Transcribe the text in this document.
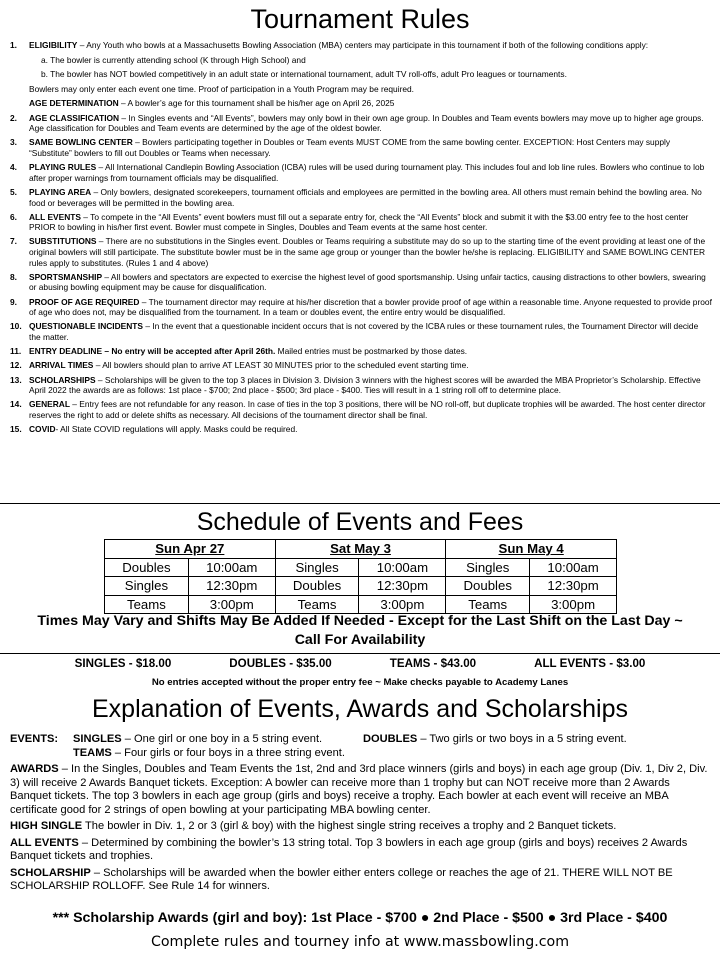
Tournament Rules
1.	ELIGIBILITY – Any Youth who bowls at a Massachusetts Bowling Association (MBA) centers may participate in this tournament if both of the following conditions apply:
a. The bowler is currently attending school (K through High School) and
b. The bowler has NOT bowled competitively in an adult state or international tournament, adult TV roll-offs, adult Pro leagues or tournaments.
Bowlers may only enter each event one time. Proof of participation in a Youth Program may be required.
AGE DETERMINATION – A bowler’s age for this tournament shall be his/her age on April 26, 2025
2.	AGE CLASSIFICATION – In Singles events and “All Events”, bowlers may only bowl in their own age group. In Doubles and Team events bowlers may move up to higher age groups. Age classification for Doubles and Team events are determined by the age of the oldest bowler.
3.	SAME BOWLING CENTER – Bowlers participating together in Doubles or Team events MUST COME from the same bowling center. EXCEPTION: Host Centers may supply “Substitute” bowlers to fill out Doubles or Teams when necessary.
4.	PLAYING RULES – All International Candlepin Bowling Association (ICBA) rules will be used during tournament play. This includes foul and lob line rules. Bowlers who continue to lob after proper warnings from tournament officials may be disqualified.
5.	PLAYING AREA – Only bowlers, designated scorekeepers, tournament officials and employees are permitted in the bowling area. All others must remain behind the bowling area. No food or beverages will be permitted in the bowling area.
6.	ALL EVENTS – To compete in the “All Events” event bowlers must fill out a separate entry for, check the “All Events” block and submit it with the $3.00 entry fee to the host center PRIOR to bowling in his/her first event. Bowler must compete in Singles, Doubles and Team events at the same host center.
7.	SUBSTITUTIONS – There are no substitutions in the Singles event. Doubles or Teams requiring a substitute may do so up to the starting time of the event providing at least one of the original bowlers will still participate. The substitute bowler must be in the same age group or younger than the bowler he/she is replacing. ELIGIBILITY and SAME BOWLING CENTER rules apply to substitutes. (Rules 1 and 4 above)
8.	SPORTSMANSHIP – All bowlers and spectators are expected to exercise the highest level of good sportsmanship. Using unfair tactics, causing distractions to other bowlers, swearing or abusing bowling equipment may be cause for disqualification.
9.	PROOF OF AGE REQUIRED – The tournament director may require at his/her discretion that a bowler provide proof of age within a reasonable time. Anyone requested to provide proof of age who does not, may be disqualified from the tournament. In a team or doubles event, the entire entry would be disqualified.
10. QUESTIONABLE INCIDENTS – In the event that a questionable incident occurs that is not covered by the ICBA rules or these tournament rules, the Tournament Director will decide the matter.
11. ENTRY DEADLINE – No entry will be accepted after April 26th. Mailed entries must be postmarked by those dates.
12. ARRIVAL TIMES – All bowlers should plan to arrive AT LEAST 30 MINUTES prior to the scheduled event starting time.
13. SCHOLARSHIPS – Scholarships will be given to the top 3 places in Division 3. Division 3 winners with the highest scores will be awarded the MBA Proprietor’s Scholarship. Effective April 2022 the awards are as follows: 1st place - $700; 2nd place - $500; 3rd place - $400. Ties will result in a 1 string roll off to determine place.
14. GENERAL – Entry fees are not refundable for any reason. In case of ties in the top 3 positions, there will be NO roll-off, but duplicate trophies will be awarded. The host center director reserves the right to add or delete shifts as necessary. All decisions of the tournament director shall be final.
15. COVID- All State COVID regulations will apply. Masks could be required.
Schedule of Events and Fees
Sun Apr 27		Sat May 3		Sun May 4	
Doubles	10:00am	Singles	10:00am	Singles	10:00am
Singles	12:30pm	Doubles	12:30pm	Doubles	12:30pm
Teams	3:00pm	Teams	3:00pm	Teams	3:00pm
Times May Vary and Shifts May Be Added If Needed - Except for the Last Shift on the Last Day ~ Call For Availability
SINGLES - $18.00	DOUBLES - $35.00	TEAMS - $43.00	ALL EVENTS - $3.00
No entries accepted without the proper entry fee ~ Make checks payable to Academy Lanes
Explanation of Events, Awards and Scholarships
EVENTS:	SINGLES – One girl or one boy in a 5 string event.	DOUBLES – Two girls or two boys in a 5 string event.

TEAMS – Four girls or four boys in a three string event.

AWARDS – In the Singles, Doubles and Team Events the 1st, 2nd and 3rd place winners (girls and boys) in each age group (Div. 1, Div 2, Div. 3) will receive 2 Awards Banquet tickets. Exception: A bowler can receive more than 1 trophy but can NOT receive more than 2 Awards Banquet tickets. The top 3 bowlers in each age group (girls and boys) receive a trophy. Each bowler at each event will receive an MBA certificate good for 2 strings of open bowling at your participating MBA bowling center.

HIGH SINGLE The bowler in Div. 1, 2 or 3 (girl & boy) with the highest single string receives a trophy and 2 Banquet tickets.

ALL EVENTS – Determined by combining the bowler’s 13 string total. Top 3 bowlers in each age group (girls and boys) receives 2 Awards Banquet tickets and trophies.

SCHOLARSHIP – Scholarships will be awarded when the bowler either enters college or reaches the age of 21. THERE WILL NOT BE SCHOLARSHIP ROLLOFF. See Rule 14 for winners.

*** Scholarship Awards (girl and boy): 1st Place - $700 ● 2nd Place - $500 ● 3rd Place - $400
Complete rules and tourney info at www.massbowling.com
